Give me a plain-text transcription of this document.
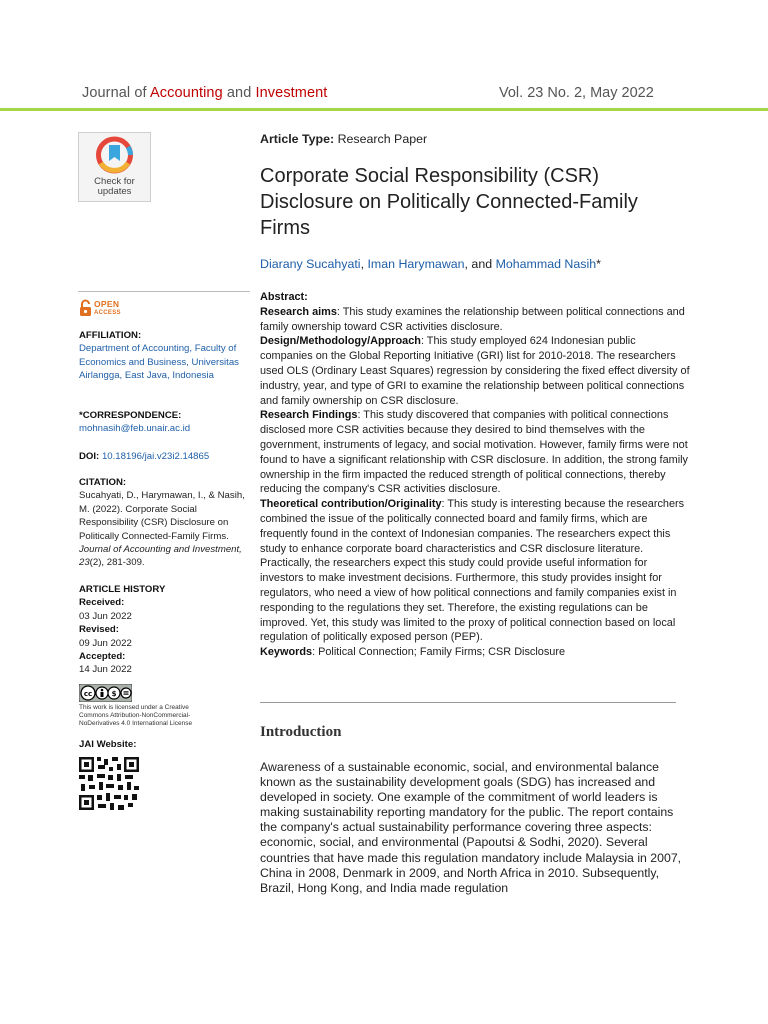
Journal of Accounting and Investment	Vol. 23 No. 2, May 2022
Check for
updates
OPEN
ACCESS

AFFILIATION:

Department of Accounting, Faculty of Economics and Business, Universitas Airlangga, East Java, Indonesia

*CORRESPONDENCE:

mohnasih@feb.unair.ac.id

DOI: 10.18196/jai.v23i2.14865

CITATION:

Sucahyati, D., Harymawan, I., & Nasih, M. (2022). Corporate Social Responsibility (CSR) Disclosure on Politically Connected-Family Firms. Journal of Accounting and Investment, 23(2), 281-309.

ARTICLE HISTORY

Received:

03 Jun 2022

Revised:

09 Jun 2022

Accepted:

14 Jun 2022

cc	$
This work is licensed under a Creative Commons Attribution-NonCommercial-NoDerivatives 4.0 International License

JAI Website:

Article Type: Research Paper
Corporate Social Responsibility (CSR) Disclosure on Politically Connected-Family Firms
Diarany Sucahyati, Iman Harymawan, and Mohammad Nasih*

Abstract:

Research aims: This study examines the relationship between political connections and family ownership toward CSR activities disclosure.

Design/Methodology/Approach: This study employed 624 Indonesian public companies on the Global Reporting Initiative (GRI) list for 2010-2018. The researchers used OLS (Ordinary Least Squares) regression by considering the fixed effect diversity of industry, year, and type of GRI to examine the relationship between political connections and family ownership on CSR disclosure.

Research Findings: This study discovered that companies with political connections disclosed more CSR activities because they desired to bind themselves with the government, instruments of legacy, and social motivation. However, family firms were not found to have a significant relationship with CSR disclosure. In addition, the strong family ownership in the firm impacted the reduced strength of political connections, thereby reducing the company's CSR activities disclosure.

Theoretical contribution/Originality: This study is interesting because the researchers combined the issue of the politically connected board and family firms, which are frequently found in the context of Indonesian companies. The researchers expect this study to enhance corporate board characteristics and CSR disclosure literature. Practically, the researchers expect this study could provide useful information for investors to make investment decisions. Furthermore, this study provides insight for regulators, who need a view of how political connections and family companies exist in responding to the regulations they set. Therefore, the existing regulations can be improved. Yet, this study was limited to the proxy of political connection based on local regulation of politically exposed person (PEP).

Keywords: Political Connection; Family Firms; CSR Disclosure

Introduction

Awareness of a sustainable economic, social, and environmental balance known as the sustainability development goals (SDG) has increased and developed in society. One example of the commitment of world leaders is making sustainability reporting mandatory for the public. The report contains the company's actual sustainability performance covering three aspects: economic, social, and environmental (Papoutsi & Sodhi, 2020). Several countries that have made this regulation mandatory include Malaysia in 2007, China in 2008, Denmark in 2009, and North Africa in 2010. Subsequently, Brazil, Hong Kong, and India made regulation
